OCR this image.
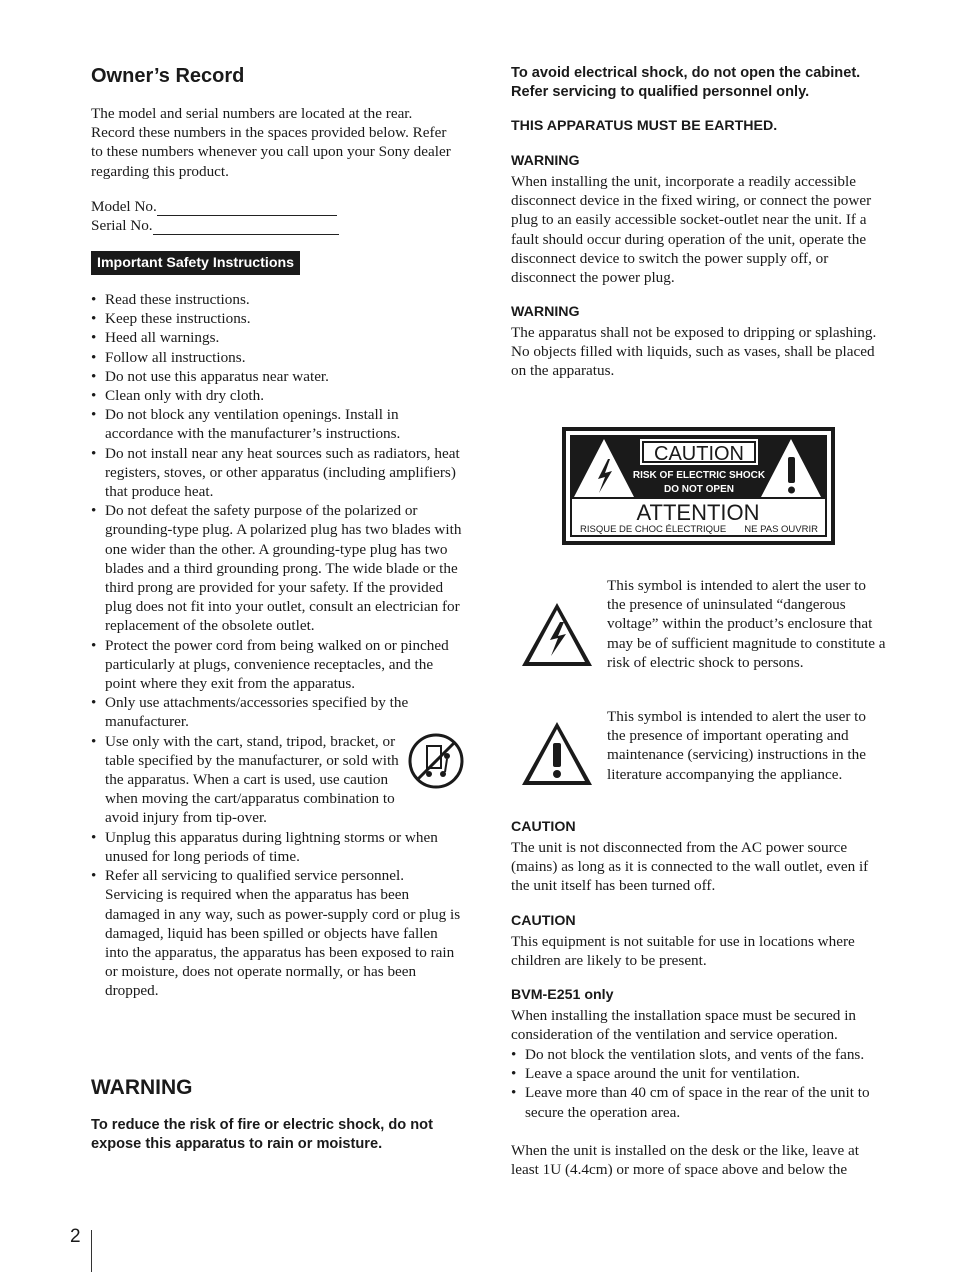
Owner’s Record

The model and serial numbers are located at the rear. Record these numbers in the spaces provided below. Refer to these numbers whenever you call upon your Sony dealer regarding this product.

Model No.
Serial No.
Important Safety Instructions
• Read these instructions.
• Keep these instructions.
• Heed all warnings.
• Follow all instructions.
• Do not use this apparatus near water.
• Clean only with dry cloth.
• Do not block any ventilation openings. Install in accordance with the manufacturer’s instructions.
• Do not install near any heat sources such as radiators, heat registers, stoves, or other apparatus (including amplifiers) that produce heat.
• Do not defeat the safety purpose of the polarized or grounding-type plug. A polarized plug has two blades with one wider than the other. A grounding-type plug has two blades and a third grounding prong. The wide blade or the third prong are provided for your safety. If the provided plug does not fit into your outlet, consult an electrician for replacement of the obsolete outlet.
• Protect the power cord from being walked on or pinched particularly at plugs, convenience receptacles, and the point where they exit from the apparatus.
• Only use attachments/accessories specified by the manufacturer.
• Use only with the cart, stand, tripod, bracket, or table specified by the manufacturer, or sold with the apparatus. When a cart is used, use caution when moving the cart/apparatus combination to avoid injury from tip-over.
• Unplug this apparatus during lightning storms or when unused for long periods of time.
• Refer all servicing to qualified service personnel. Servicing is required when the apparatus has been damaged in any way, such as power-supply cord or plug is damaged, liquid has been spilled or objects have fallen into the apparatus, the apparatus has been exposed to rain or moisture, does not operate normally, or has been dropped.
WARNING

To reduce the risk of fire or electric shock, do not expose this apparatus to rain or moisture.

To avoid electrical shock, do not open the cabinet. Refer servicing to qualified personnel only.

THIS APPARATUS MUST BE EARTHED.

WARNING

When installing the unit, incorporate a readily accessible disconnect device in the fixed wiring, or connect the power plug to an easily accessible socket-outlet near the unit. If a fault should occur during operation of the unit, operate the disconnect device to switch the power supply off, or disconnect the power plug.

WARNING

The apparatus shall not be exposed to dripping or splashing. No objects filled with liquids, such as vases, shall be placed on the apparatus.

CAUTION
RISK OF ELECTRIC SHOCK
DO NOT OPEN
ATTENTION
RISQUE DE CHOC ÉLECTRIQUE NE PAS OUVRIR

This symbol is intended to alert the user to the presence of uninsulated “dangerous voltage” within the product’s enclosure that may be of sufficient magnitude to constitute a risk of electric shock to persons.

This symbol is intended to alert the user to the presence of important operating and maintenance (servicing) instructions in the literature accompanying the appliance.

CAUTION

The unit is not disconnected from the AC power source (mains) as long as it is connected to the wall outlet, even if the unit itself has been turned off.

CAUTION

This equipment is not suitable for use in locations where children are likely to be present.

BVM-E251 only

When installing the installation space must be secured in consideration of the ventilation and service operation.

• Do not block the ventilation slots, and vents of the fans.
• Leave a space around the unit for ventilation.
• Leave more than 40 cm of space in the rear of the unit to secure the operation area.

When the unit is installed on the desk or the like, leave at least 1U (4.4cm) or more of space above and below the

2
